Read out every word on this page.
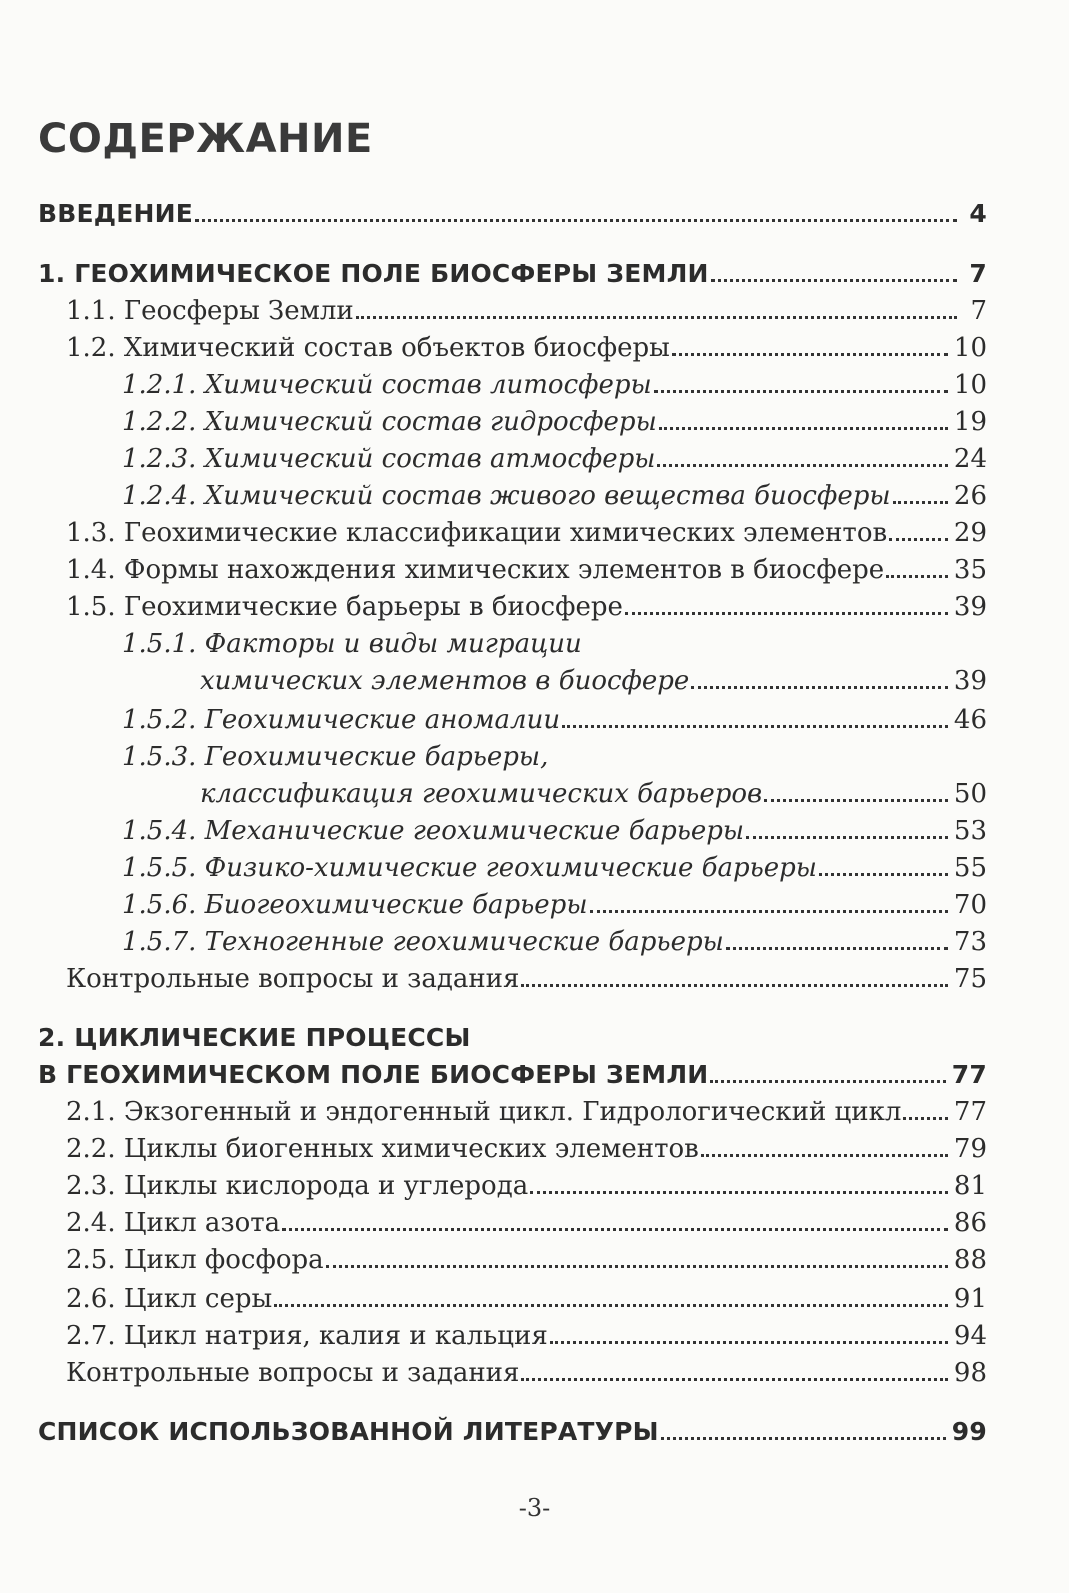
СОДЕРЖАНИЕ
ВВЕДЕНИЕ	4
1. ГЕОХИМИЧЕСКОЕ ПОЛЕ БИОСФЕРЫ ЗЕМЛИ	7
1.1. Геосферы Земли	7
1.2. Химический состав объектов биосферы	10
1.2.1. Химический состав литосферы	10
1.2.2. Химический состав гидросферы	19
1.2.3. Химический состав атмосферы	24
1.2.4. Химический состав живого вещества биосферы 26
1.3. Геохимические классификации химических элементов	29
1.4. Формы нахождения химических элементов в биосфере	35
1.5. Геохимические барьеры в биосфере	39
1.5.1. Факторы и виды миграции
химических элементов в биосфере	39
1.5.2. Геохимические аномалии	46
1.5.3. Геохимические барьеры,
классификация геохимических барьеров	50
1.5.4. Механические геохимические барьеры	53
1.5.5. Физико-химические геохимические барьеры	55
1.5.6. Биогеохимические барьеры	70
1.5.7. Техногенные геохимические барьеры	73
Контрольные вопросы и задания	75
2. ЦИКЛИЧЕСКИЕ ПРОЦЕССЫ
В ГЕОХИМИЧЕСКОМ ПОЛЕ БИОСФЕРЫ ЗЕМЛИ	77
2.1. Экзогенный и эндогенный цикл. Гидрологический цикл 77
2.2. Циклы биогенных химических элементов	79
2.3. Циклы кислорода и углерода	81
2.4. Цикл азота	86
2.5. Цикл фосфора	88
2.6. Цикл серы	91
2.7. Цикл натрия, калия и кальция	94
Контрольные вопросы и задания	98
СПИСОК ИСПОЛЬЗОВАННОЙ ЛИТЕРАТУРЫ	99
-3-
